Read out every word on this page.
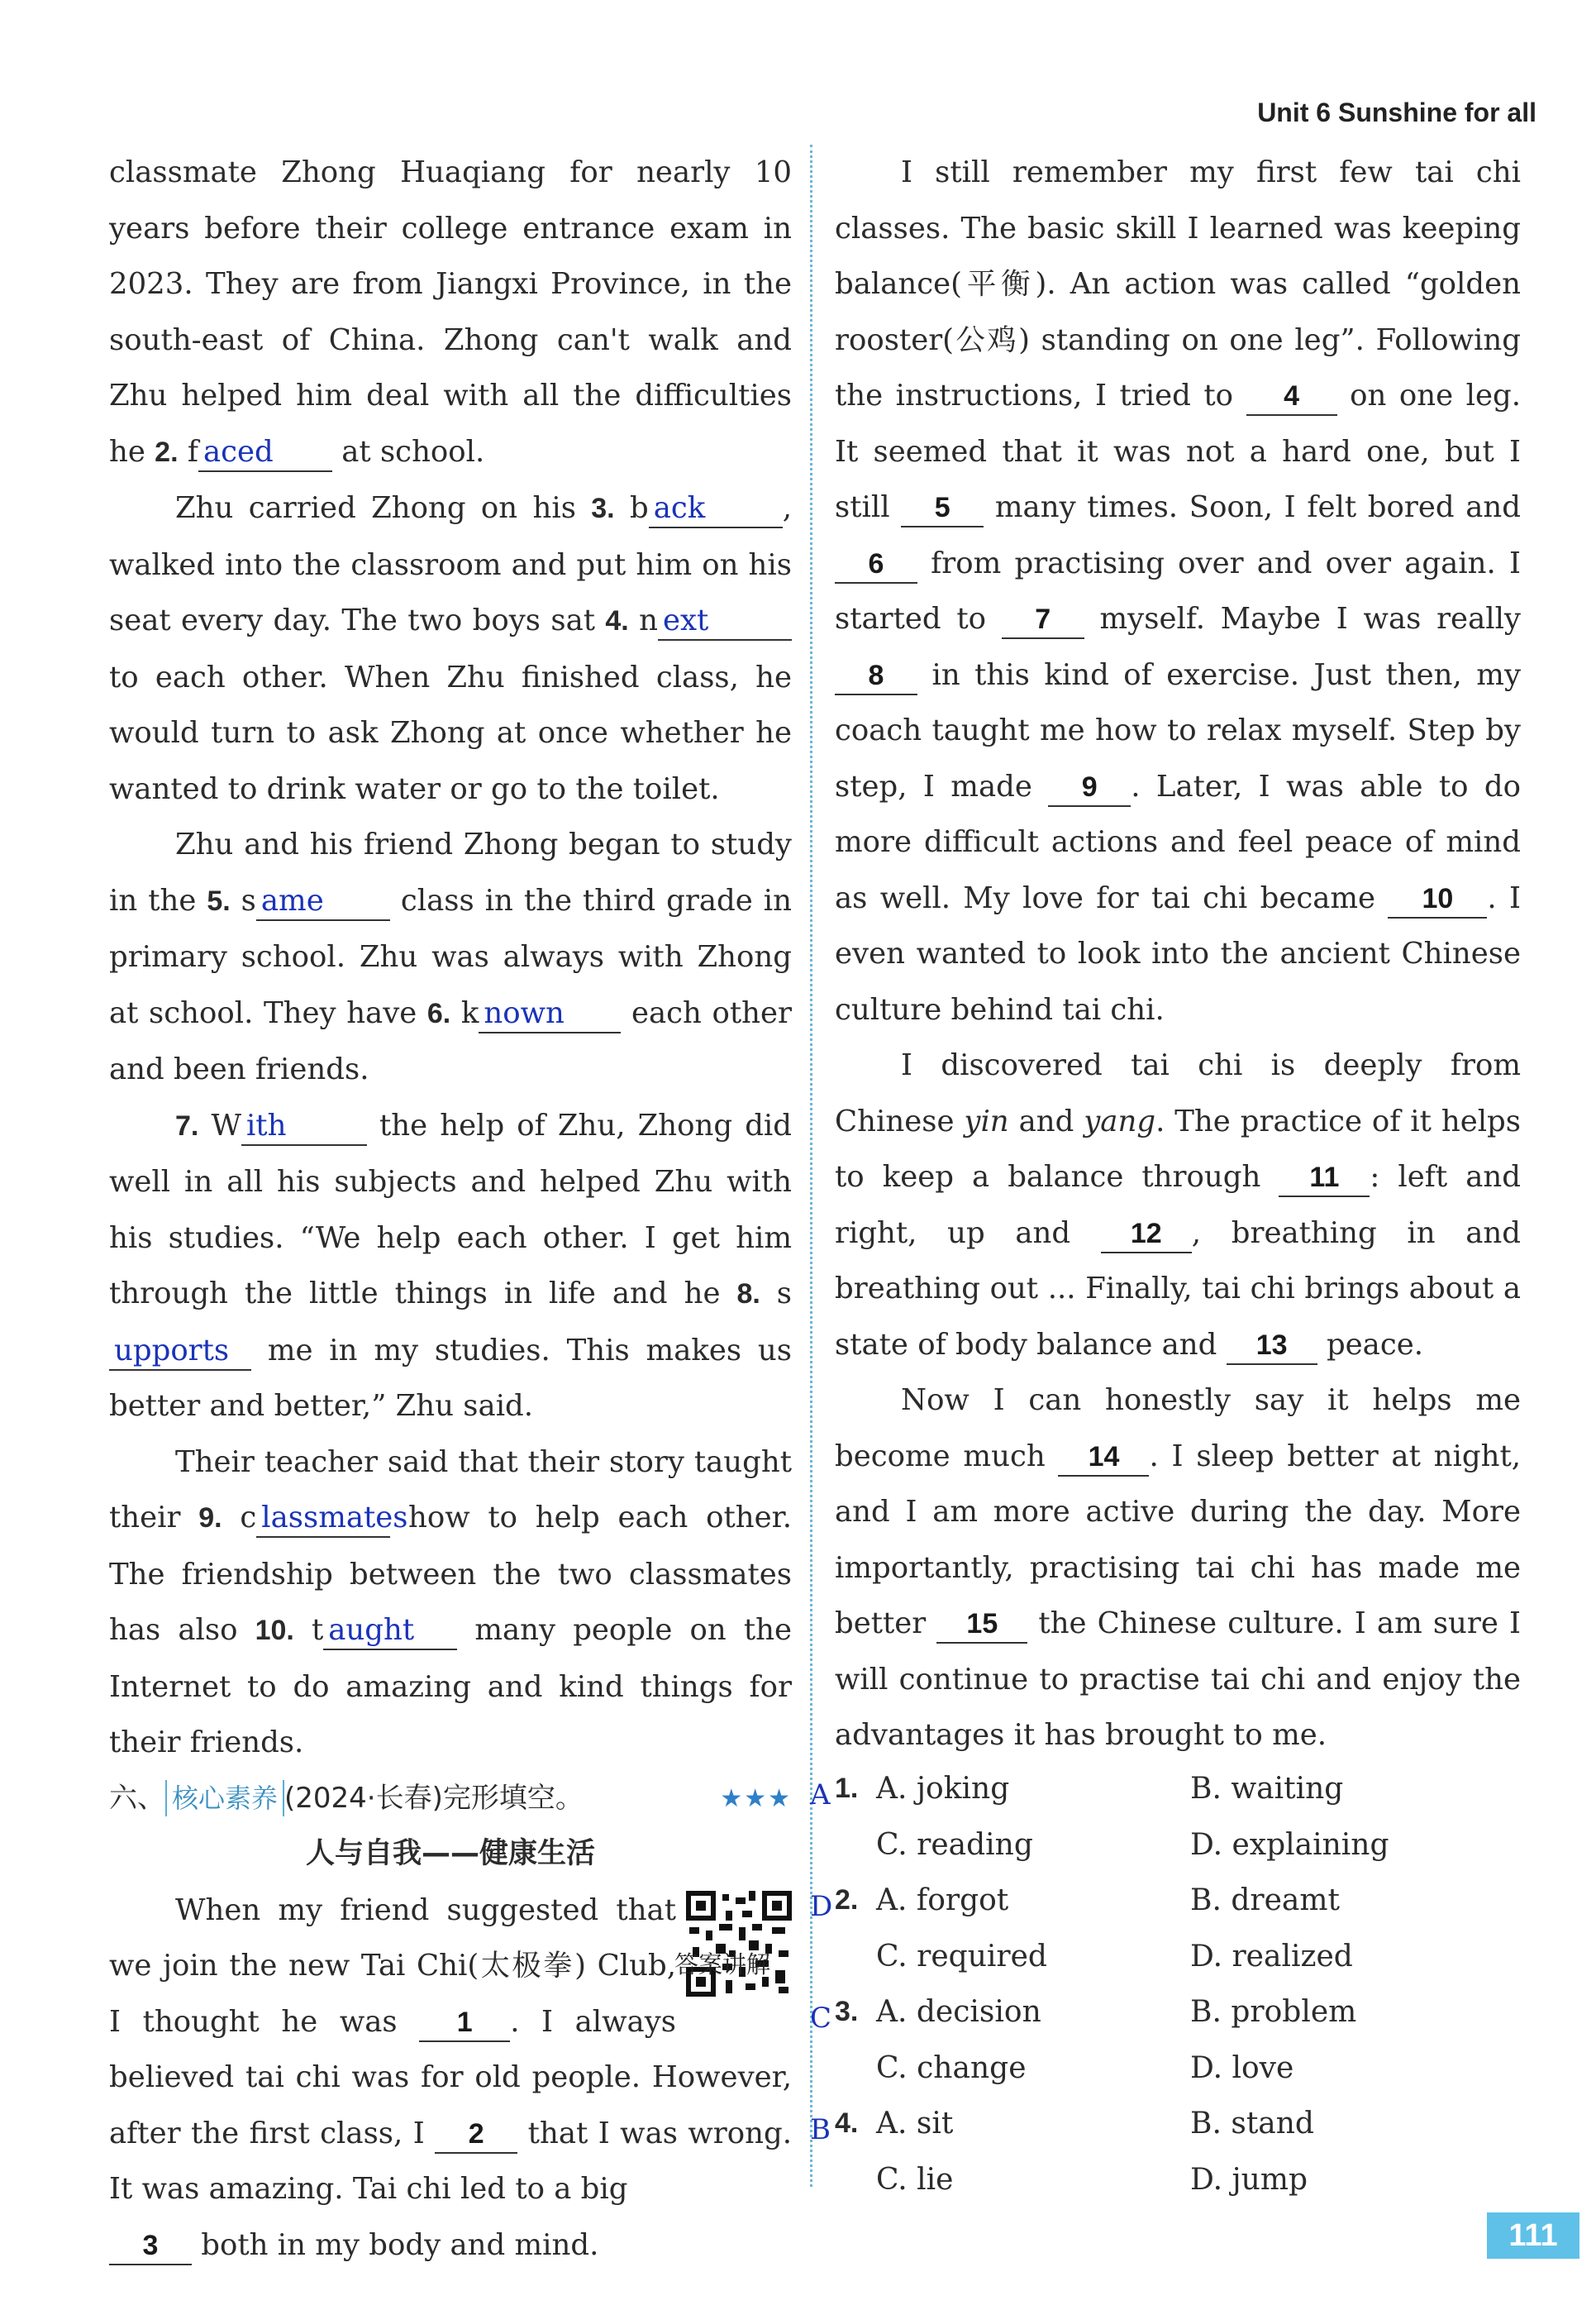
Unit 6 Sunshine for all

classmate Zhong Huaqiang for nearly 10 years before their college entrance exam in 2023. They are from Jiangxi Province, in the south-east of China. Zhong can't walk and Zhu helped him deal with all the difficulties he 2. f aced at school.

Zhu carried Zhong on his 3. b ack	, walked into the classroom and put him on his seat every day. The two boys sat 4. n ext to each other. When Zhu finished class, he would turn to ask Zhong at once whether he wanted to drink water or go to the toilet.

Zhu and his friend Zhong began to study in the 5. s ame class in the third grade in primary school. Zhu was always with Zhong at school. They have 6. k nown each other and been friends.

7. W ith	the help of Zhu, Zhong did well in all his subjects and helped Zhu with his studies. “We help each other. I get him through the little things in life and he 8. supports me in my studies. This makes us better and better,” Zhu said.

Their teacher said that their story taught their 9. c lassmates how to help each other. The friendship between the two classmates has also 10. t aught many people on the Internet to do amazing and kind things for their friends.

六、 核心素养 (2024·长春)完形填空。	★★★

人与自我——健康生活

When my friend suggested that we join the new Tai Chi(太极拳) Club, I thought he was 1 . I always believed tai chi was for old people. However, after the first class, I 2 that I was wrong. It was amazing. Tai chi led to a big
3 both in my body and mind.

答案讲解

I still remember my first few tai chi classes. The basic skill I learned was keeping balance(平衡). An action was called “golden rooster(公鸡) standing on one leg”. Following the instructions, I tried to 4 on one leg. It seemed that it was not a hard one, but I still 5 many times. Soon, I felt bored and 6 from practising over and over again. I started to 7 myself. Maybe I was really 8 in this kind of exercise. Just then, my coach taught me how to relax myself. Step by step, I made 9 . Later, I was able to do more difficult actions and feel peace of mind as well. My love for tai chi became 10 . I even wanted to look into the ancient Chinese culture behind tai chi.

I discovered tai chi is deeply from Chinese yin and yang. The practice of it helps to keep a balance through 11 : left and right, up and 12 , breathing in and breathing out ... Finally, tai chi brings about a state of body balance and 13 peace.

Now I can honestly say it helps me become much 14 . I sleep better at night, and I am more active during the day. More importantly, practising tai chi has made me better 15 the Chinese culture. I am sure I will continue to practise tai chi and enjoy the advantages it has brought to me.

A 1. A. joking	B. waiting
C. reading	D. explaining
D 2. A. forgot	B. dreamt
C. required	D. realized
C 3. A. decision	B. problem
C. change	D. love
B 4. A. sit	B. stand
C. lie	D. jump
111
